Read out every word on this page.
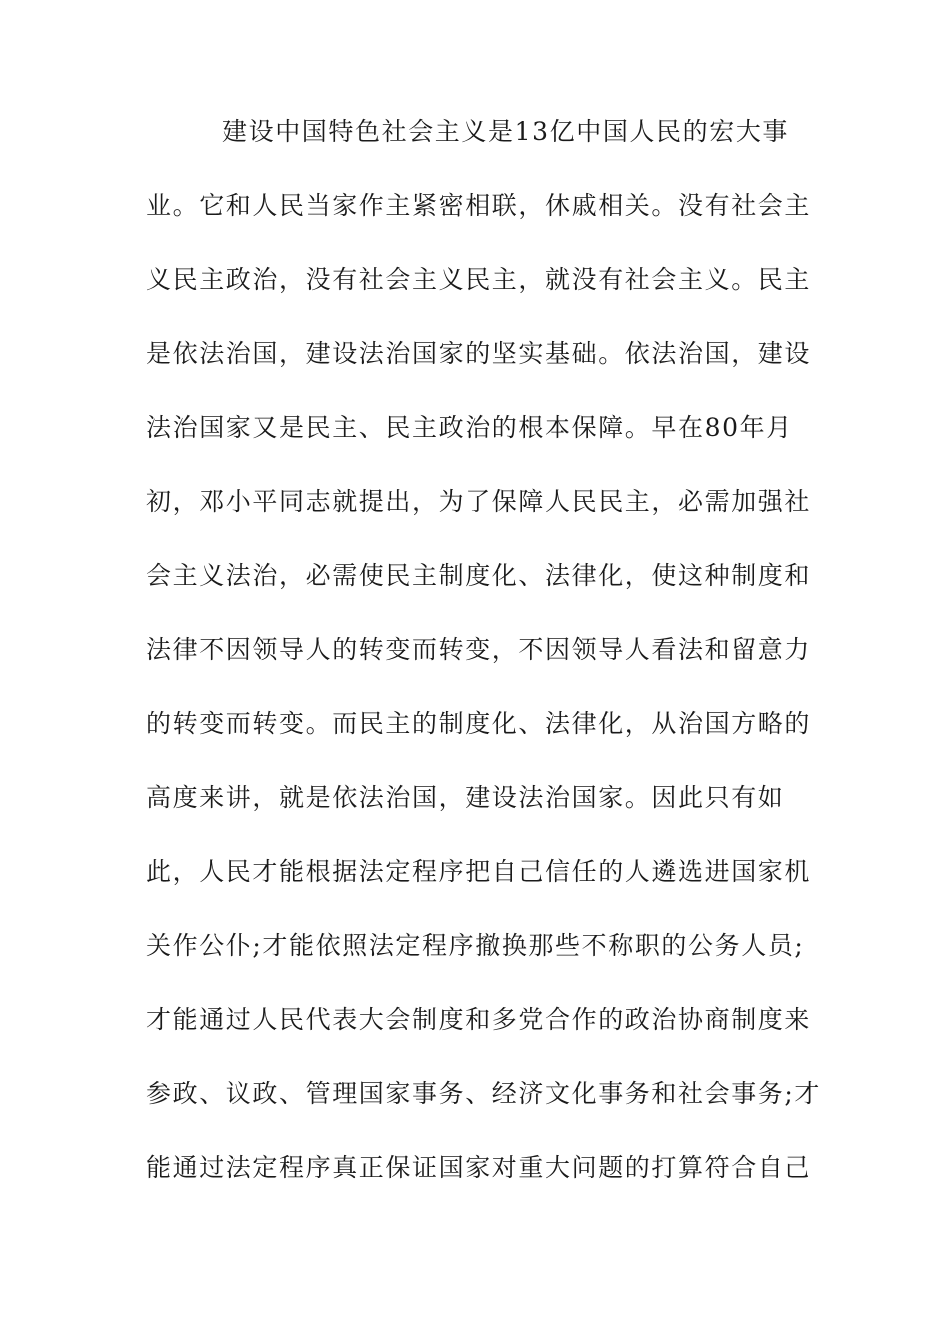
建设中国特色社会主义是13亿中国人民的宏大事
业。它和人民当家作主紧密相联，休戚相关。没有社会主
义民主政治，没有社会主义民主，就没有社会主义。民主
是依法治国，建设法治国家的坚实基础。依法治国，建设
法治国家又是民主、民主政治的根本保障。早在80年月
初，邓小平同志就提出，为了保障人民民主，必需加强社
会主义法治，必需使民主制度化、法律化，使这种制度和
法律不因领导人的转变而转变，不因领导人看法和留意力
的转变而转变。而民主的制度化、法律化，从治国方略的
高度来讲，就是依法治国，建设法治国家。因此只有如
此，人民才能根据法定程序把自己信任的人遴选进国家机
关作公仆;才能依照法定程序撤换那些不称职的公务人员;
才能通过人民代表大会制度和多党合作的政治协商制度来
参政、议政、管理国家事务、经济文化事务和社会事务;才
能通过法定程序真正保证国家对重大问题的打算符合自己
